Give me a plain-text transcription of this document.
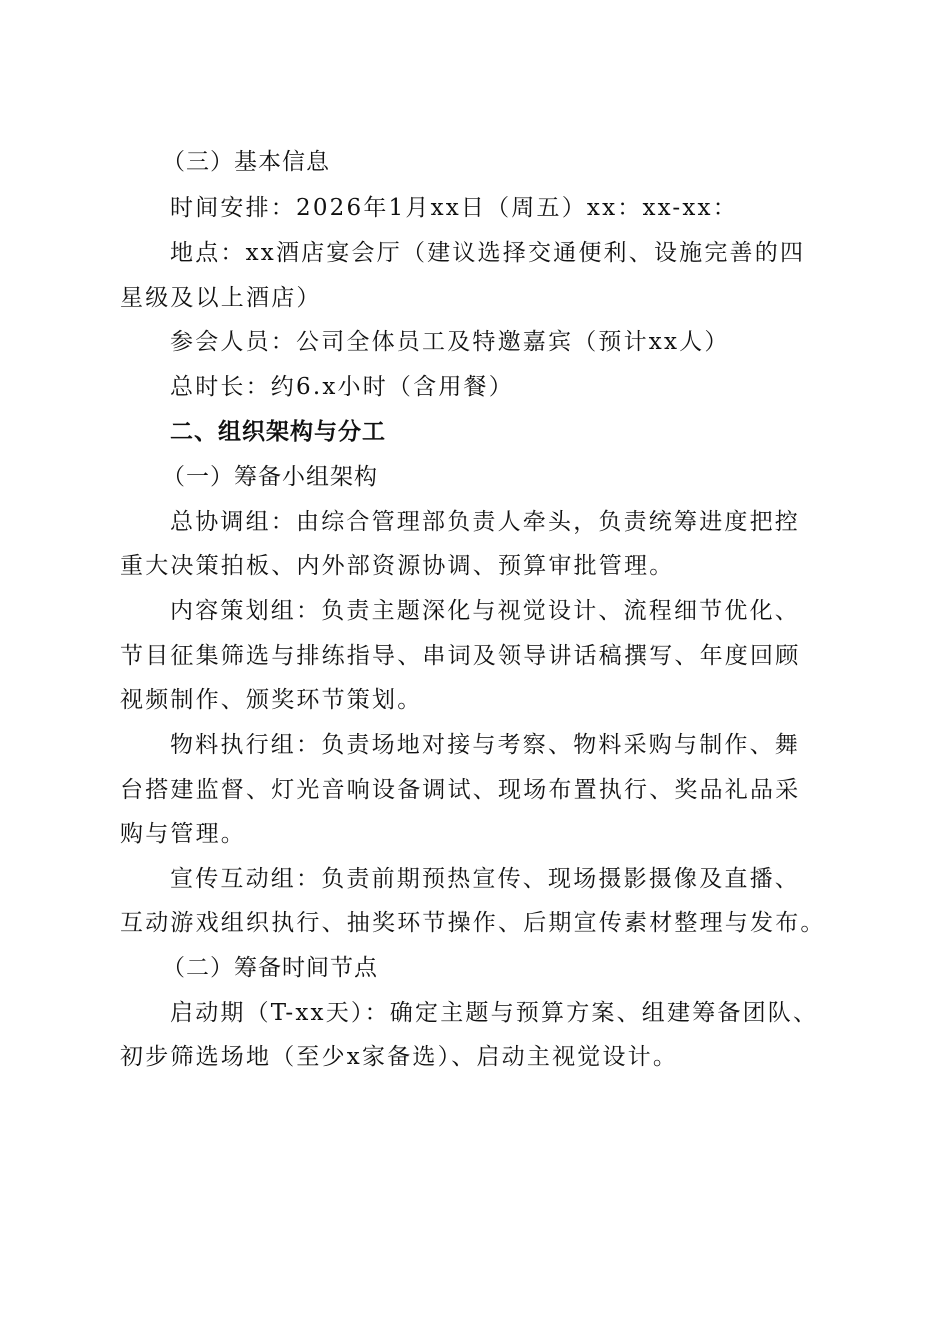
（三）基本信息
时间安排：2026年1月xx日（周五）xx：xx-xx：
地点：xx酒店宴会厅（建议选择交通便利、设施完善的四
星级及以上酒店）
参会人员：公司全体员工及特邀嘉宾（预计xx人）
总时长：约6.x小时（含用餐）
二、组织架构与分工
（一）筹备小组架构
总协调组：由综合管理部负责人牵头，负责统筹进度把控
重大决策拍板、内外部资源协调、预算审批管理。
内容策划组：负责主题深化与视觉设计、流程细节优化、
节目征集筛选与排练指导、串词及领导讲话稿撰写、年度回顾
视频制作、颁奖环节策划。
物料执行组：负责场地对接与考察、物料采购与制作、舞
台搭建监督、灯光音响设备调试、现场布置执行、奖品礼品采
购与管理。
宣传互动组：负责前期预热宣传、现场摄影摄像及直播、
互动游戏组织执行、抽奖环节操作、后期宣传素材整理与发布。
（二）筹备时间节点
启动期（T-xx天）：确定主题与预算方案、组建筹备团队、
初步筛选场地（至少x家备选）、启动主视觉设计。
